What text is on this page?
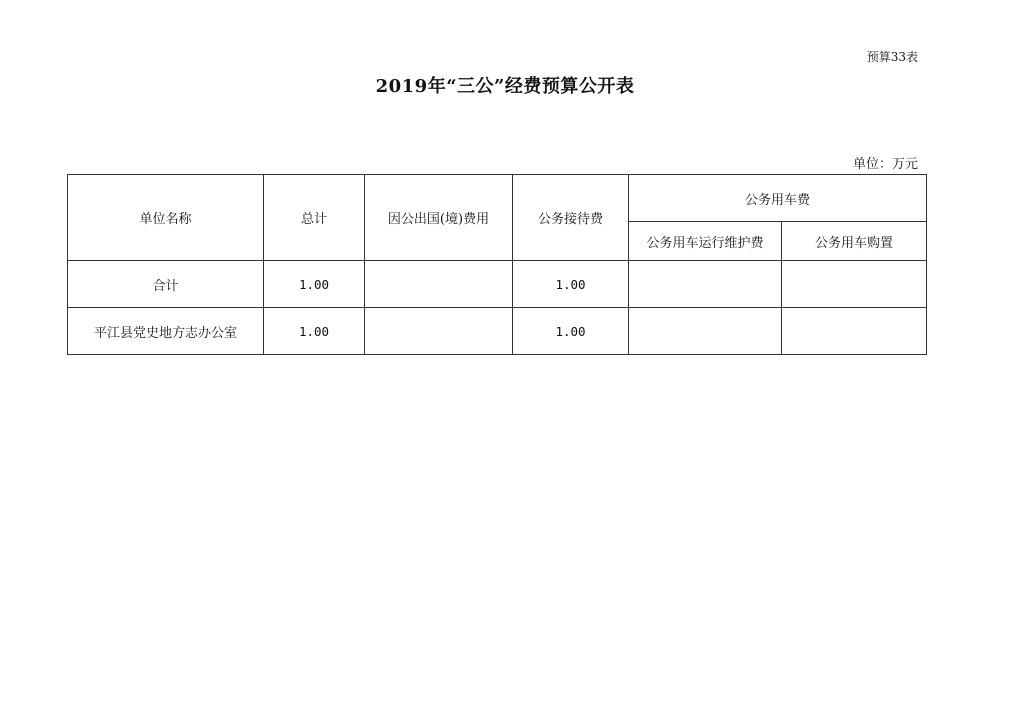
预算33表
2019年“三公”经费预算公开表
单位：万元
单位名称	总计	因公出国(境)费用	公务接待费	公务用车费	
				公务用车运行维护费	公务用车购置
合计	1.00		1.00		
平江县党史地方志办公室	1.00		1.00		
